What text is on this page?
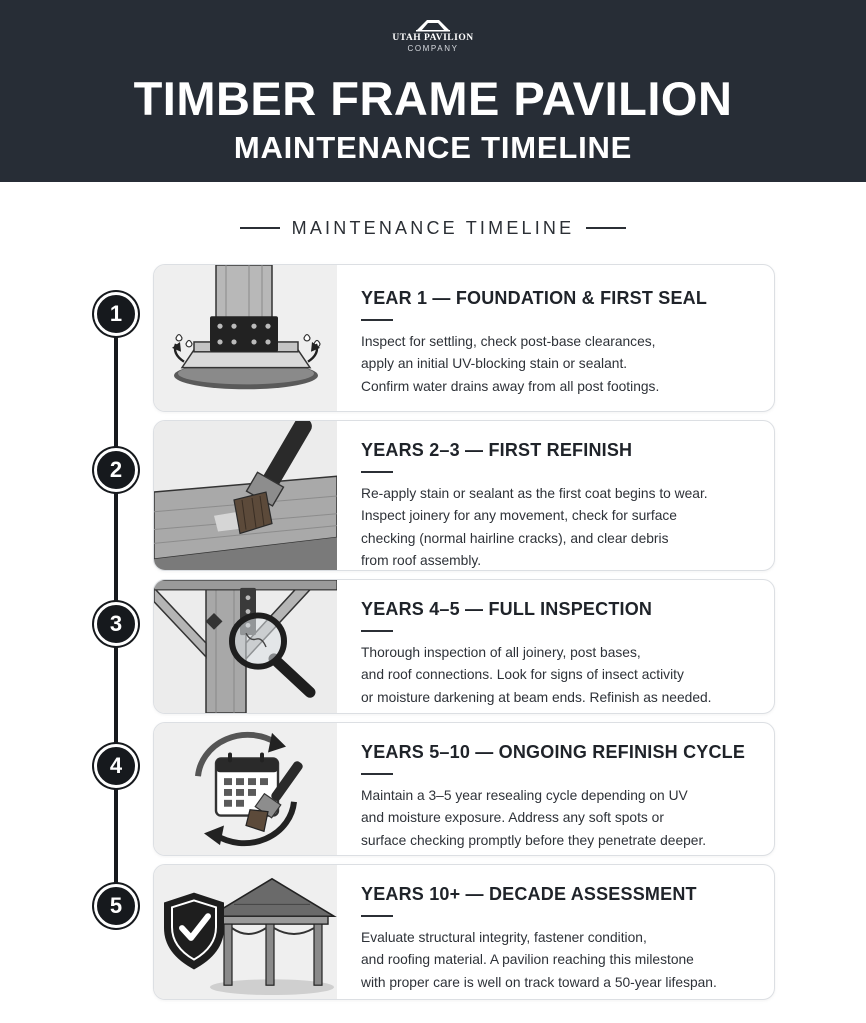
UTAH PAVILION
COMPANY
TIMBER FRAME PAVILION
MAINTENANCE TIMELINE
MAINTENANCE TIMELINE
1
2
3
4
5
YEAR 1 — FOUNDATION & FIRST SEAL
Inspect for settling, check post-base clearances,
apply an initial UV-blocking stain or sealant.
Confirm water drains away from all post footings.
YEARS 2–3 — FIRST REFINISH
Re-apply stain or sealant as the first coat begins to wear.
Inspect joinery for any movement, check for surface
checking (normal hairline cracks), and clear debris
from roof assembly.
YEARS 4–5 — FULL INSPECTION
Thorough inspection of all joinery, post bases,
and roof connections. Look for signs of insect activity
or moisture darkening at beam ends. Refinish as needed.
YEARS 5–10 — ONGOING REFINISH CYCLE
Maintain a 3–5 year resealing cycle depending on UV
and moisture exposure. Address any soft spots or
surface checking promptly before they penetrate deeper.
YEARS 10+ — DECADE ASSESSMENT
Evaluate structural integrity, fastener condition,
and roofing material. A pavilion reaching this milestone
with proper care is well on track toward a 50-year lifespan.
